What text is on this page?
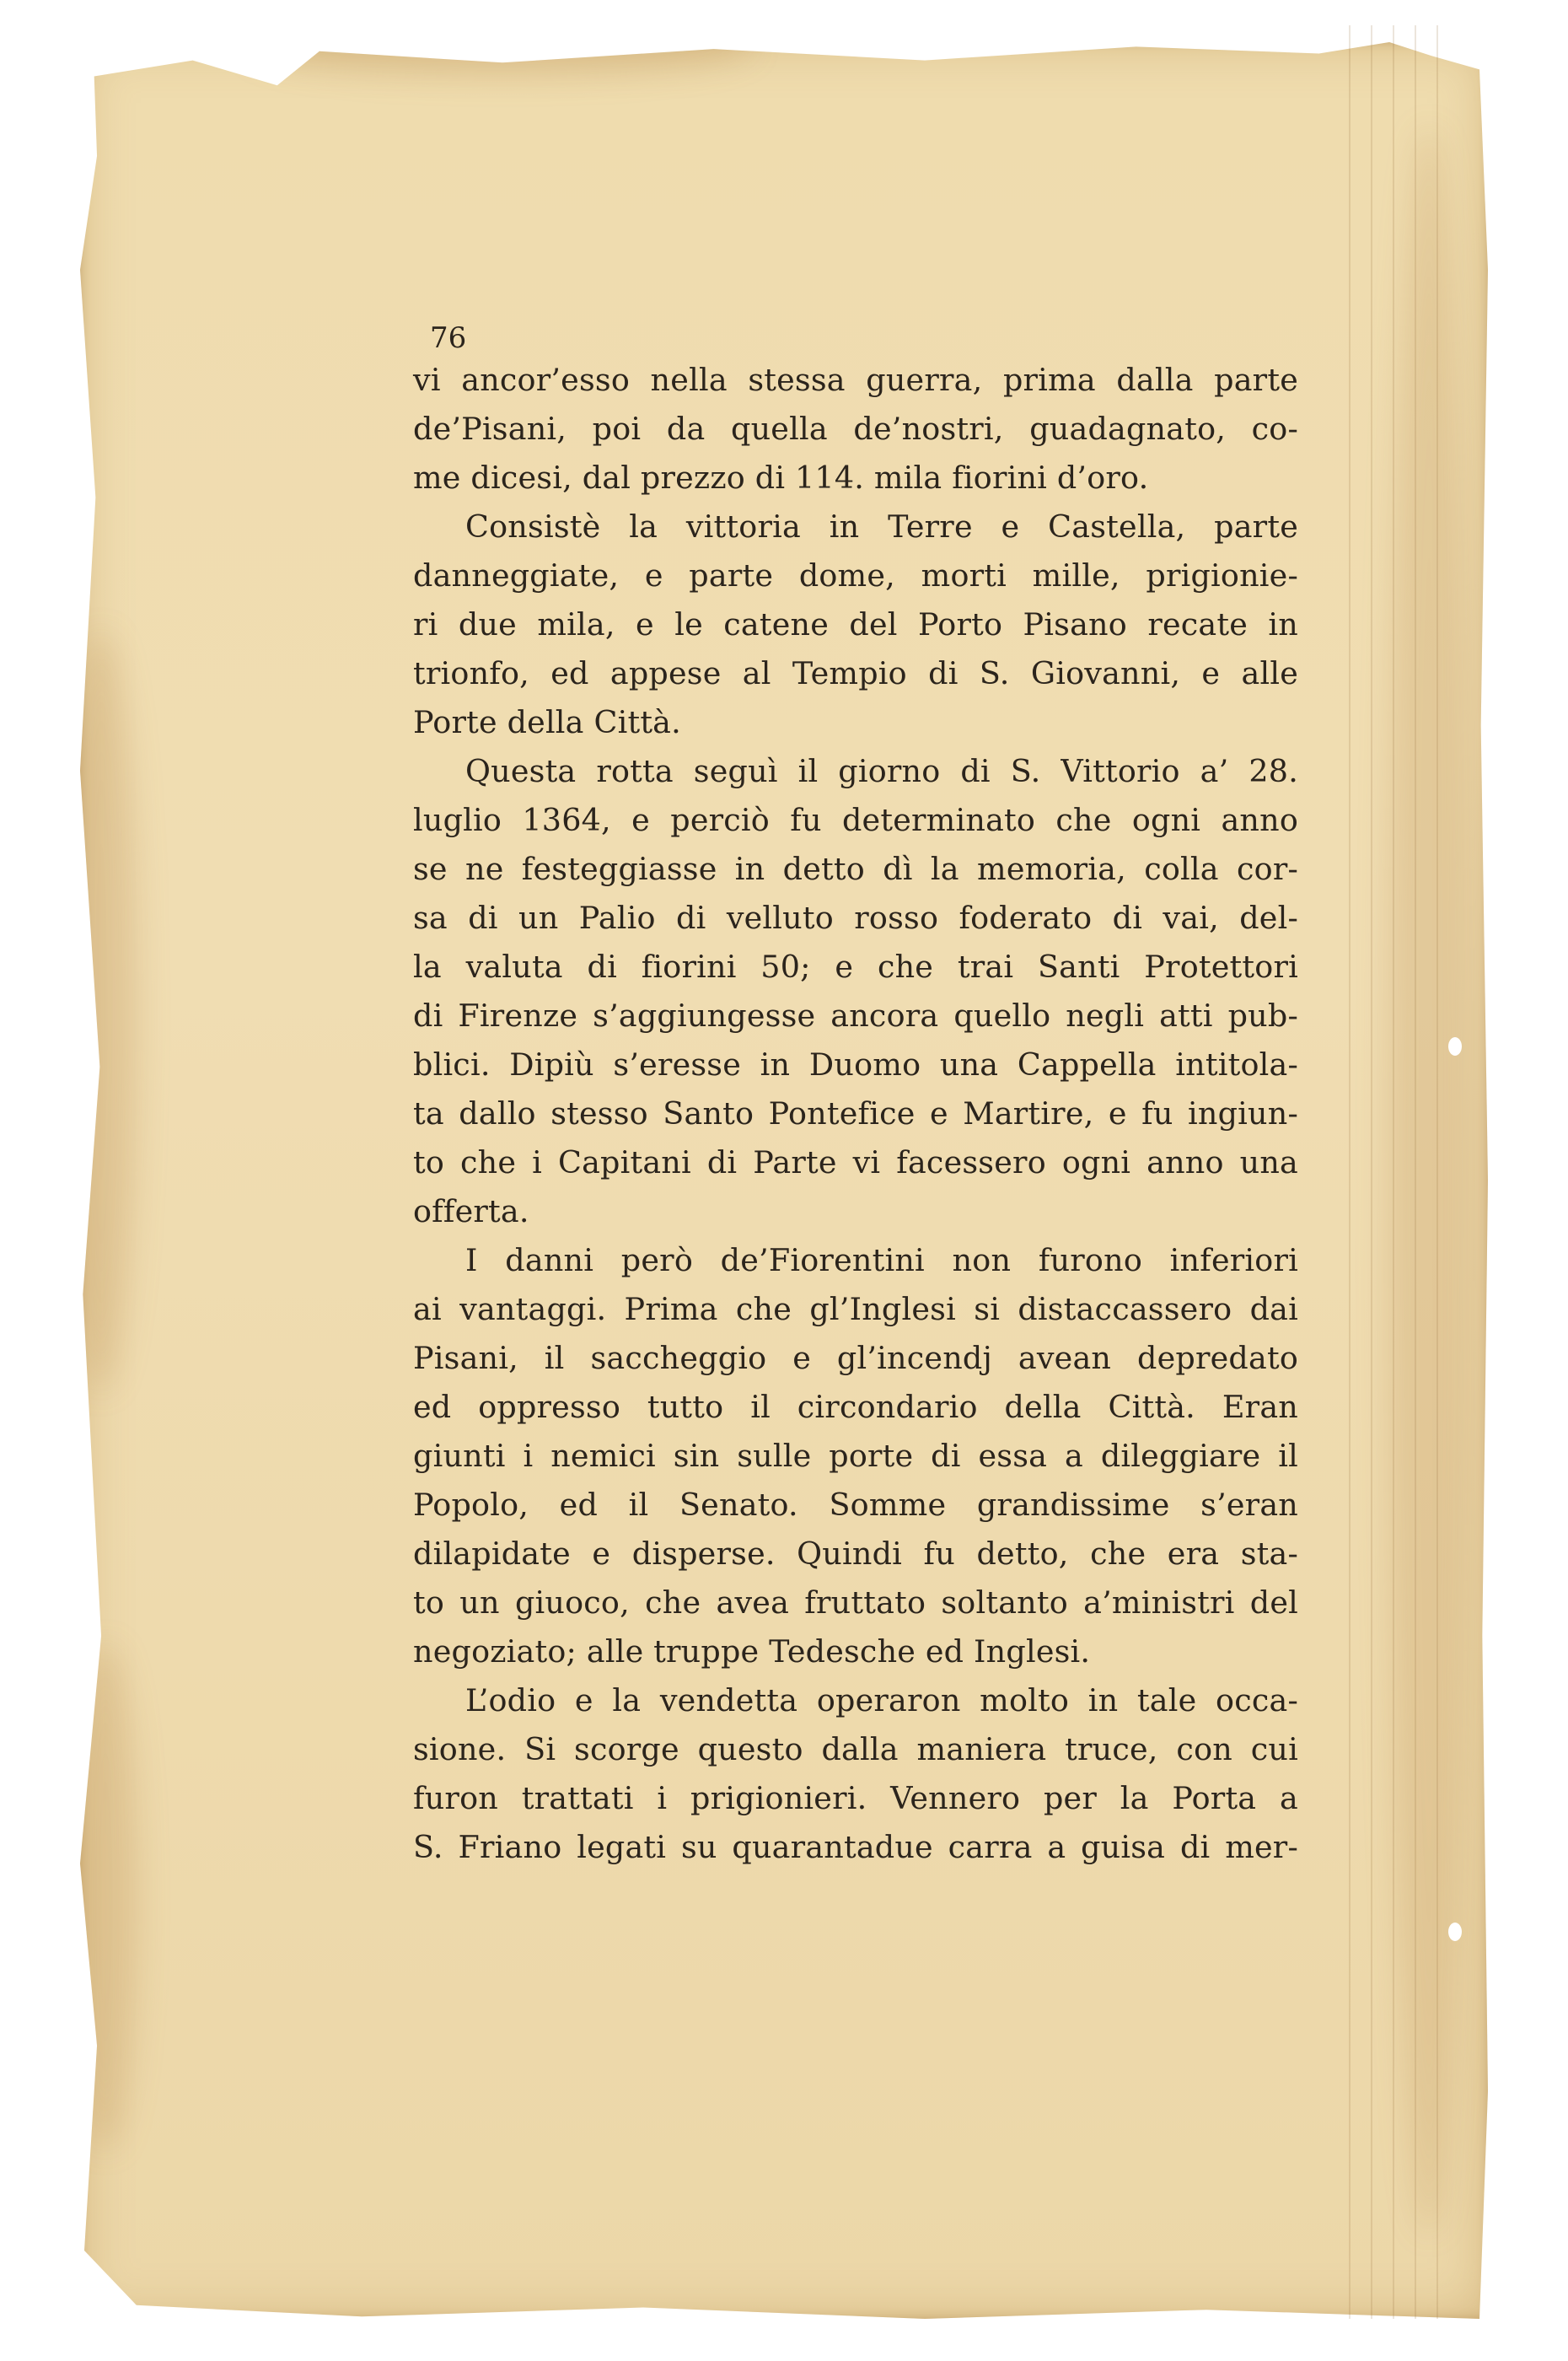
76
vi ancor’esso nella stessa guerra, prima dalla parte
de’Pisani, poi da quella de’nostri, guadagnato, co-
me dicesi, dal prezzo di 114. mila fiorini d’oro.
Consistè la vittoria in Terre e Castella, parte
danneggiate, e parte dome, morti mille, prigionie-
ri due mila, e le catene del Porto Pisano recate in
trionfo, ed appese al Tempio di S. Giovanni, e alle
Porte della Città.
Questa rotta seguì il giorno di S. Vittorio a’ 28.
luglio 1364, e perciò fu determinato che ogni anno
se ne festeggiasse in detto dì la memoria, colla cor-
sa di un Palio di velluto rosso foderato di vai, del-
la valuta di fiorini 50; e che trai Santi Protettori
di Firenze s’aggiungesse ancora quello negli atti pub-
blici. Dipiù s’eresse in Duomo una Cappella intitola-
ta dallo stesso Santo Pontefice e Martire, e fu ingiun-
to che i Capitani di Parte vi facessero ogni anno una
offerta.
I danni però de’Fiorentini non furono inferiori
ai vantaggi. Prima che gl’Inglesi si distaccassero dai
Pisani, il saccheggio e gl’incendj avean depredato
ed oppresso tutto il circondario della Città. Eran
giunti i nemici sin sulle porte di essa a dileggiare il
Popolo, ed il Senato. Somme grandissime s’eran
dilapidate e disperse. Quindi fu detto, che era sta-
to un giuoco, che avea fruttato soltanto a’ministri del
negoziato; alle truppe Tedesche ed Inglesi.
L’odio e la vendetta operaron molto in tale occa-
sione. Si scorge questo dalla maniera truce, con cui
furon trattati i prigionieri. Vennero per la Porta a
S. Friano legati su quarantadue carra a guisa di mer-
